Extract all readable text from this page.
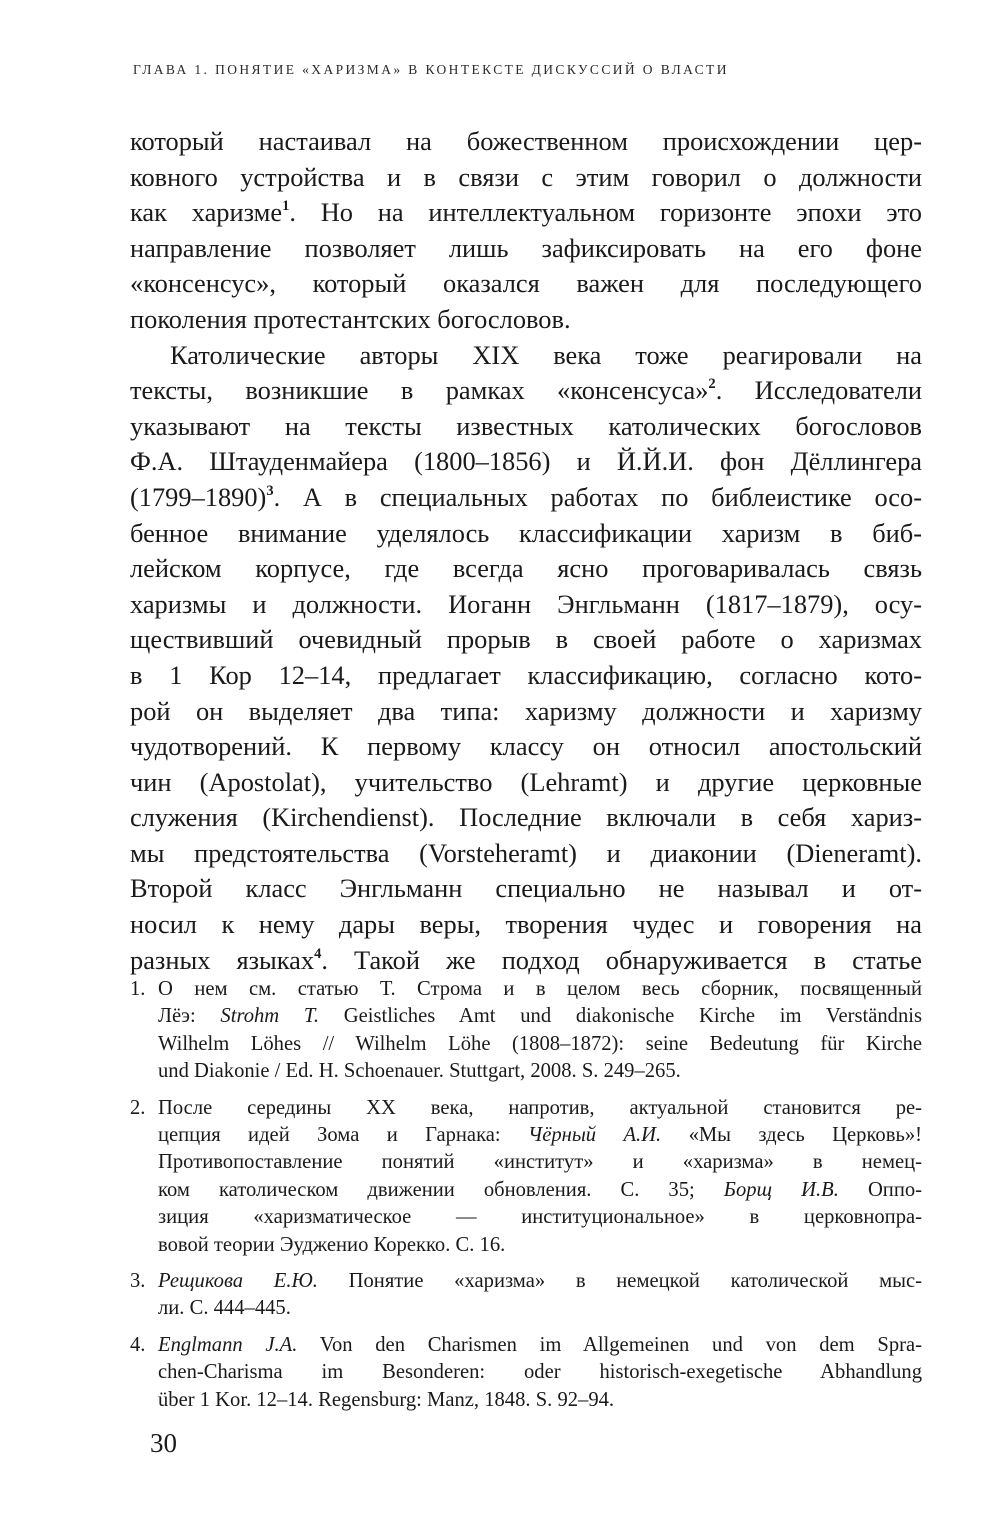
ГЛАВА 1. ПОНЯТИЕ «ХАРИЗМА» В КОНТЕКСТЕ ДИСКУССИЙ О ВЛАСТИ
который настаивал на божественном происхождении цер-
ковного устройства и в связи с этим говорил о должности
как харизме$^1$. Но на интеллектуальном горизонте эпохи это
направление позволяет лишь зафиксировать на его фоне
«консенсус», который оказался важен для последующего
поколения протестантских богословов.
Католические авторы XIX века тоже реагировали на
тексты, возникшие в рамках «консенсуса»$^2$. Исследователи
указывают на тексты известных католических богословов
Ф.А. Штауденмайера (1800–1856) и Й.Й.И. фон Дёллингера
(1799–1890)$^3$. А в специальных работах по библеистике осо-
бенное внимание уделялось классификации харизм в биб-
лейском корпусе, где всегда ясно проговаривалась связь
харизмы и должности. Иоганн Энгльманн (1817–1879), осу-
ществивший очевидный прорыв в своей работе о харизмах
в 1 Кор 12–14, предлагает классификацию, согласно кото-
рой он выделяет два типа: харизму должности и харизму
чудотворений. К первому классу он относил апостольский
чин (Apostolat), учительство (Lehramt) и другие церковные
служения (Kirchendienst). Последние включали в себя хариз-
мы предстоятельства (Vorsteheramt) и диаконии (Dieneramt).
Второй класс Энгльманн специально не называл и от-
носил к нему дары веры, творения чудес и говорения на
разных языках$^4$. Такой же подход обнаруживается в статье
1. О нем см. статью Т. Строма и в целом весь сборник, посвященный
Лёэ: Strohm T. Geistliches Amt und diakonische Kirche im Verständnis
Wilhelm Löhes // Wilhelm Löhe (1808–1872): seine Bedeutung für Kirche
und Diakonie / Ed. H. Schoenauer. Stuttgart, 2008. S. 249–265.
2. После середины XX века, напротив, актуальной становится ре-
цепция идей Зома и Гарнака: Чёрный А.И. «Мы здесь Церковь»!
Противопоставление понятий «институт» и «харизма» в немец-
ком католическом движении обновления. С. 35; Борщ И.В. Оппо-
зиция «харизматическое — институциональное» в церковнопра-
вовой теории Эудженио Корекко. С. 16.
3. Рещикова Е.Ю. Понятие «харизма» в немецкой католической мыс-
ли. С. 444–445.
4. Englmann J.A. Von den Charismen im Allgemeinen und von dem Spra-
chen-Charisma im Besonderen: oder historisch-exegetische Abhandlung
über 1 Kor. 12–14. Regensburg: Manz, 1848. S. 92–94.
30
